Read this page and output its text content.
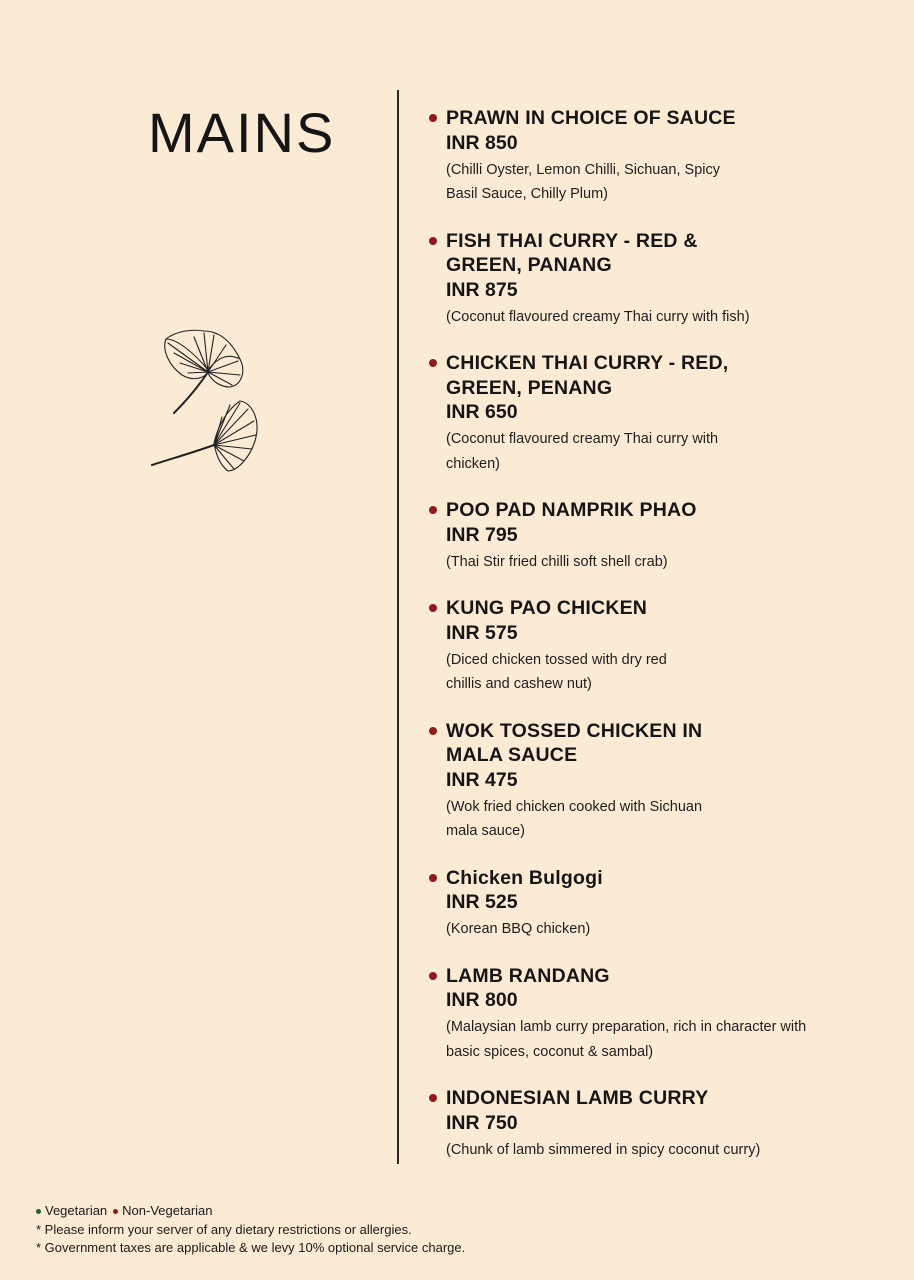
MAINS	PRAWN IN CHOICE OF SAUCE
INR 850
(Chilli Oyster, Lemon Chilli, Sichuan, Spicy Basil Sauce, Chilly Plum)
FISH THAI CURRY - RED & GREEN, PANANG
INR 875
(Coconut flavoured creamy Thai curry with fish)
CHICKEN THAI CURRY - RED, GREEN, PENANG
INR 650
(Coconut flavoured creamy Thai curry with chicken)
POO PAD NAMPRIK PHAO
INR 795
(Thai Stir fried chilli soft shell crab)
KUNG PAO CHICKEN
INR 575
(Diced chicken tossed with dry red chillis and cashew nut)
WOK TOSSED CHICKEN IN MALA SAUCE
INR 475
(Wok fried chicken cooked with Sichuan mala sauce)
Chicken Bulgogi
INR 525
(Korean BBQ chicken)
LAMB RANDANG
INR 800
(Malaysian lamb curry preparation, rich in character with basic spices, coconut & sambal)
INDONESIAN LAMB CURRY
INR 750
(Chunk of lamb simmered in spicy coconut curry)
Vegetarian Non-Vegetarian
* Please inform your server of any dietary restrictions or allergies.
* Government taxes are applicable & we levy 10% optional service charge.
